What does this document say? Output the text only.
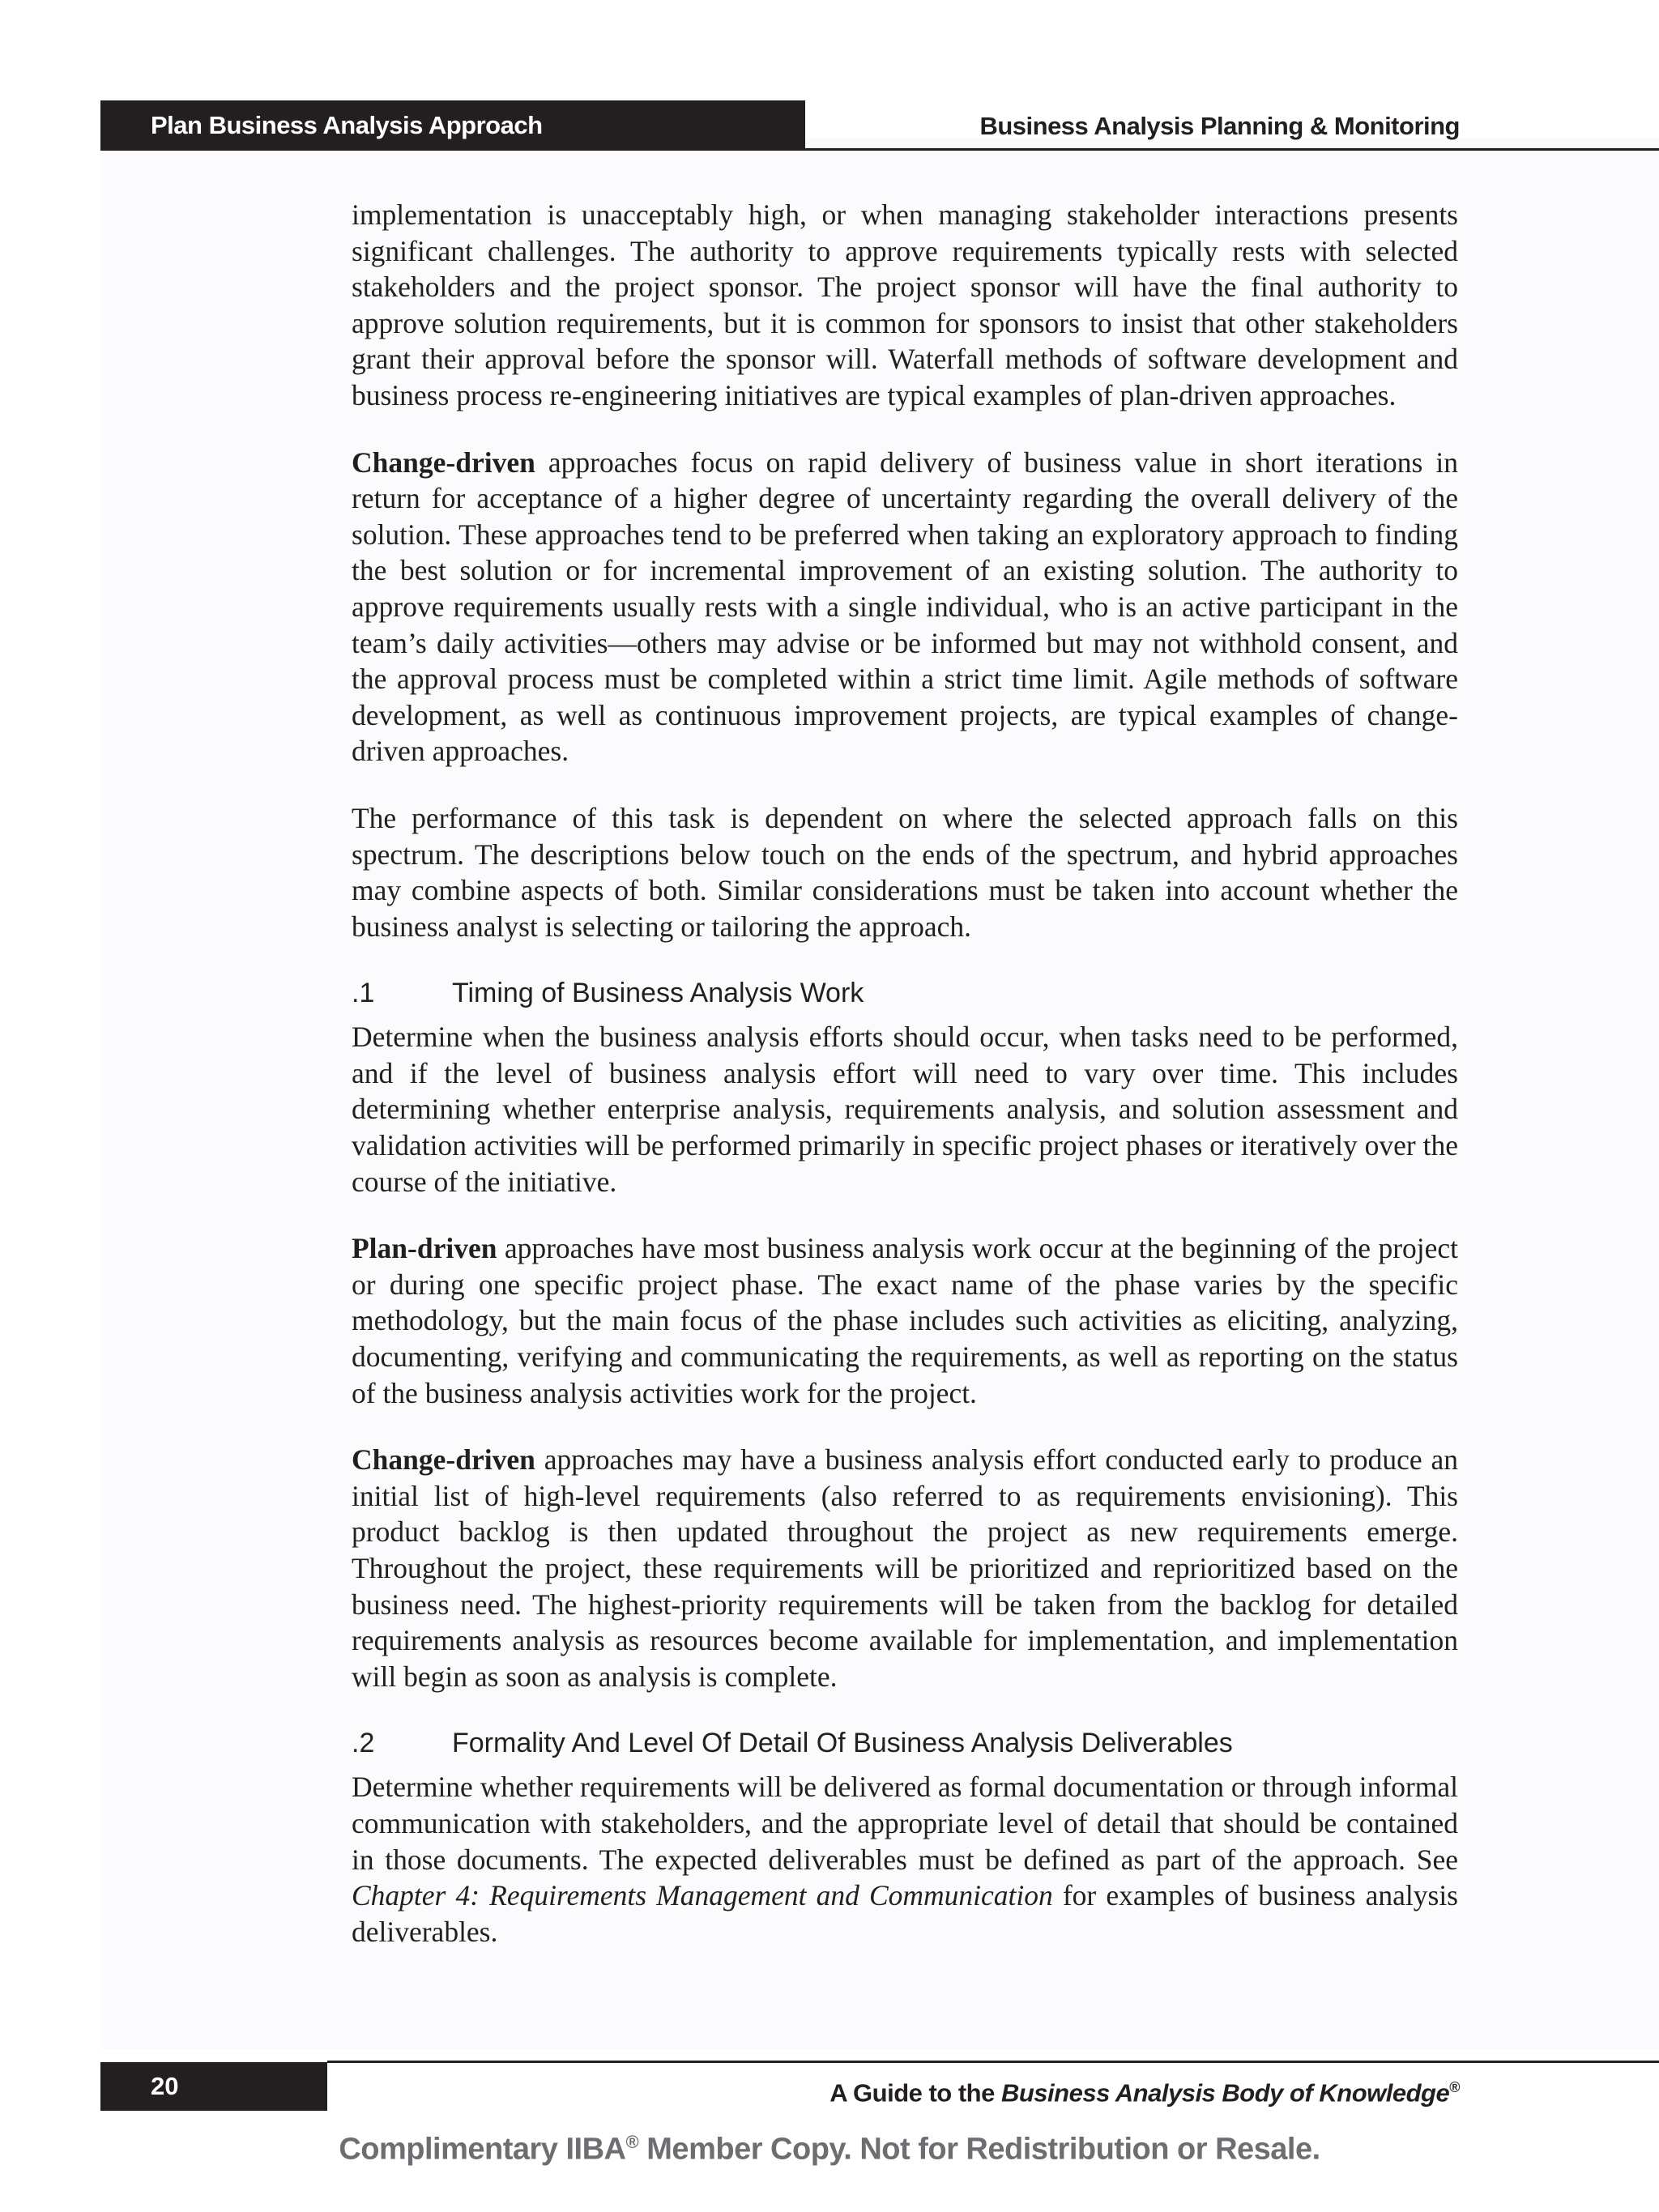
Plan Business Analysis Approach	Business Analysis Planning & Monitoring

implementation is unacceptably high, or when managing stakeholder interactions presents significant challenges. The authority to approve requirements typically rests with selected stakeholders and the project sponsor. The project sponsor will have the final authority to approve solution requirements, but it is common for sponsors to insist that other stakeholders grant their approval before the sponsor will. Waterfall methods of software development and business process re-engineering initiatives are typical examples of plan-driven approaches.

Change-driven approaches focus on rapid delivery of business value in short iterations in return for acceptance of a higher degree of uncertainty regarding the overall delivery of the solution. These approaches tend to be preferred when taking an exploratory approach to finding the best solution or for incremental improvement of an existing solution. The authority to approve requirements usually rests with a single individual, who is an active participant in the team’s daily activities—others may advise or be informed but may not withhold consent, and the approval process must be completed within a strict time limit. Agile methods of software development, as well as continuous improvement projects, are typical examples of change-driven approaches.

The performance of this task is dependent on where the selected approach falls on this spectrum. The descriptions below touch on the ends of the spectrum, and hybrid approaches may combine aspects of both. Similar considerations must be taken into account whether the business analyst is selecting or tailoring the approach.

.1	Timing of Business Analysis Work

Determine when the business analysis efforts should occur, when tasks need to be performed, and if the level of business analysis effort will need to vary over time. This includes determining whether enterprise analysis, requirements analysis, and solution assessment and validation activities will be performed primarily in specific project phases or iteratively over the course of the initiative.

Plan-driven approaches have most business analysis work occur at the beginning of the project or during one specific project phase. The exact name of the phase varies by the specific methodology, but the main focus of the phase includes such activities as eliciting, analyzing, documenting, verifying and communicating the requirements, as well as reporting on the status of the business analysis activities work for the project.

Change-driven approaches may have a business analysis effort conducted early to produce an initial list of high-level requirements (also referred to as requirements envisioning). This product backlog is then updated throughout the project as new requirements emerge. Throughout the project, these requirements will be prioritized and reprioritized based on the business need. The highest-priority requirements will be taken from the backlog for detailed requirements analysis as resources become available for implementation, and implementation will begin as soon as analysis is complete.

.2	Formality And Level Of Detail Of Business Analysis Deliverables

Determine whether requirements will be delivered as formal documentation or through informal communication with stakeholders, and the appropriate level of detail that should be contained in those documents. The expected deliverables must be defined as part of the approach. See Chapter 4: Requirements Management and Communication for examples of business analysis deliverables.

20	A Guide to the Business Analysis Body of Knowledge®
Complimentary IIBA® Member Copy. Not for Redistribution or Resale.
